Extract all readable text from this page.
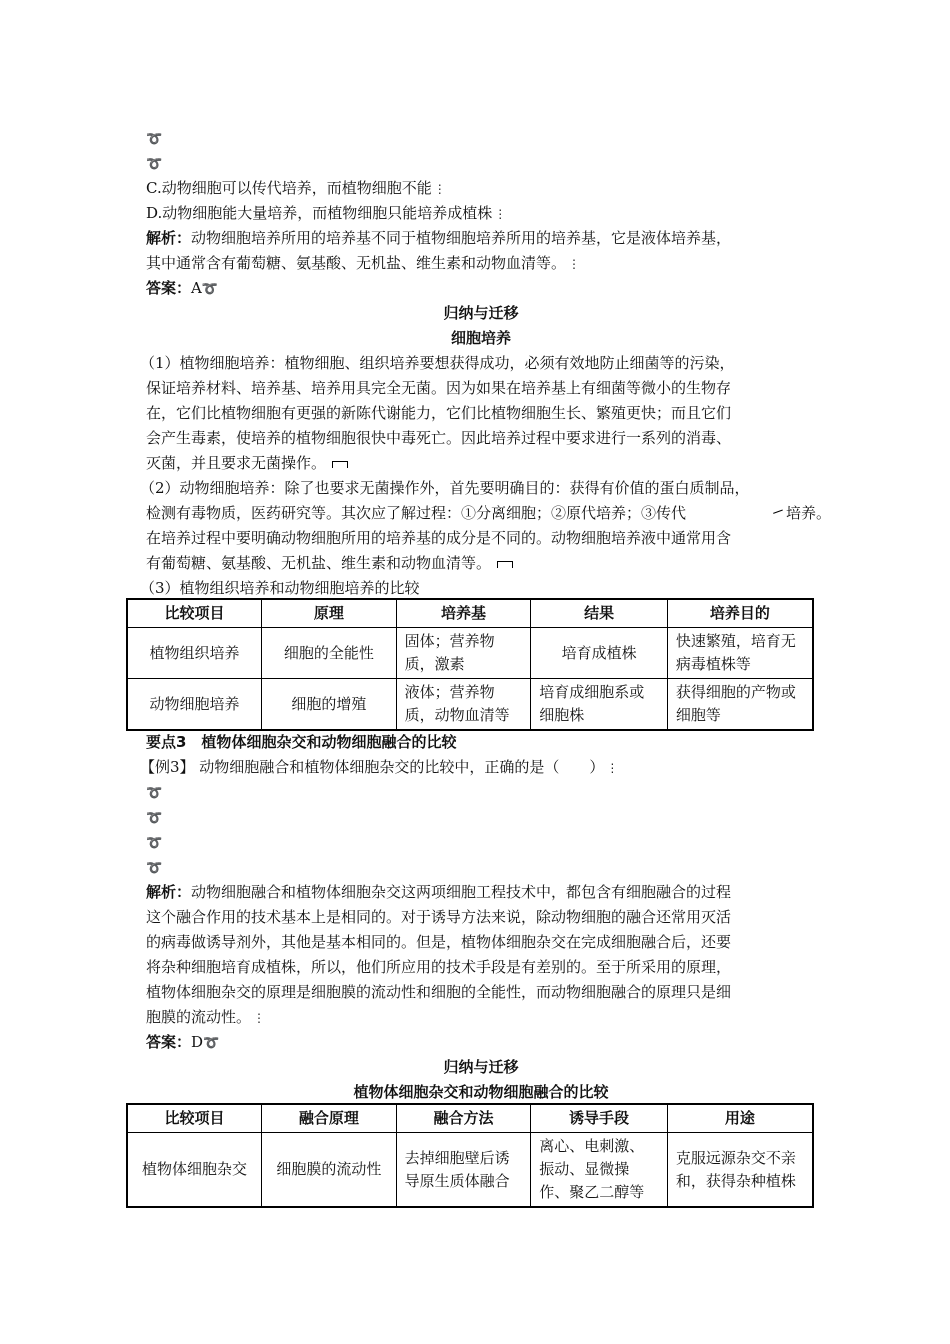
➰
➰
C.动物细胞可以传代培养，而植物细胞不能 ⋮
D.动物细胞能大量培养，而植物细胞只能培养成植株 ⋮
解析：动物细胞培养所用的培养基不同于植物细胞培养所用的培养基，它是液体培养基，
其中通常含有葡萄糖、氨基酸、无机盐、维生素和动物血清等。 ⋮
答案：A➰
归纳与迁移
细胞培养
（1）植物细胞培养：植物细胞、组织培养要想获得成功，必须有效地防止细菌等的污染，
保证培养材料、培养基、培养用具完全无菌。因为如果在培养基上有细菌等微小的生物存
在，它们比植物细胞有更强的新陈代谢能力，它们比植物细胞生长、繁殖更快；而且它们
会产生毒素，使培养的植物细胞很快中毒死亡。因此培养过程中要求进行一系列的消毒、
灭菌，并且要求无菌操作。
（2）动物细胞培养：除了也要求无菌操作外，首先要明确目的：获得有价值的蛋白质制品，
检测有毒物质，医药研究等。其次应了解过程：①分离细胞；②原代培养；③传代	培养。
在培养过程中要明确动物细胞所用的培养基的成分是不同的。动物细胞培养液中通常用含
有葡萄糖、氨基酸、无机盐、维生素和动物血清等。
（3）植物组织培养和动物细胞培养的比较
比较项目	原理	培养基	结果	培养目的
植物组织培养	细胞的全能性	固体；营养物质，激素	培育成植株	快速繁殖，培育无病毒植株等
动物细胞培养	细胞的增殖	液体；营养物质，动物血清等	培育成细胞系或细胞株	获得细胞的产物或细胞等
要点3　植物体细胞杂交和动物细胞融合的比较
【例3】 动物细胞融合和植物体细胞杂交的比较中，正确的是（　　） ⋮
➰
➰
➰
➰
解析：动物细胞融合和植物体细胞杂交这两项细胞工程技术中，都包含有细胞融合的过程
这个融合作用的技术基本上是相同的。对于诱导方法来说，除动物细胞的融合还常用灭活
的病毒做诱导剂外，其他是基本相同的。但是，植物体细胞杂交在完成细胞融合后，还要
将杂种细胞培育成植株，所以，他们所应用的技术手段是有差别的。至于所采用的原理，
植物体细胞杂交的原理是细胞膜的流动性和细胞的全能性，而动物细胞融合的原理只是细
胞膜的流动性。 ⋮
答案：D➰
归纳与迁移
植物体细胞杂交和动物细胞融合的比较
比较项目	融合原理	融合方法	诱导手段	用途
植物体细胞杂交	细胞膜的流动性	去掉细胞壁后诱导原生质体融合	离心、电刺激、振动、显微操作、聚乙二醇等	克服远源杂交不亲和，获得杂种植株
